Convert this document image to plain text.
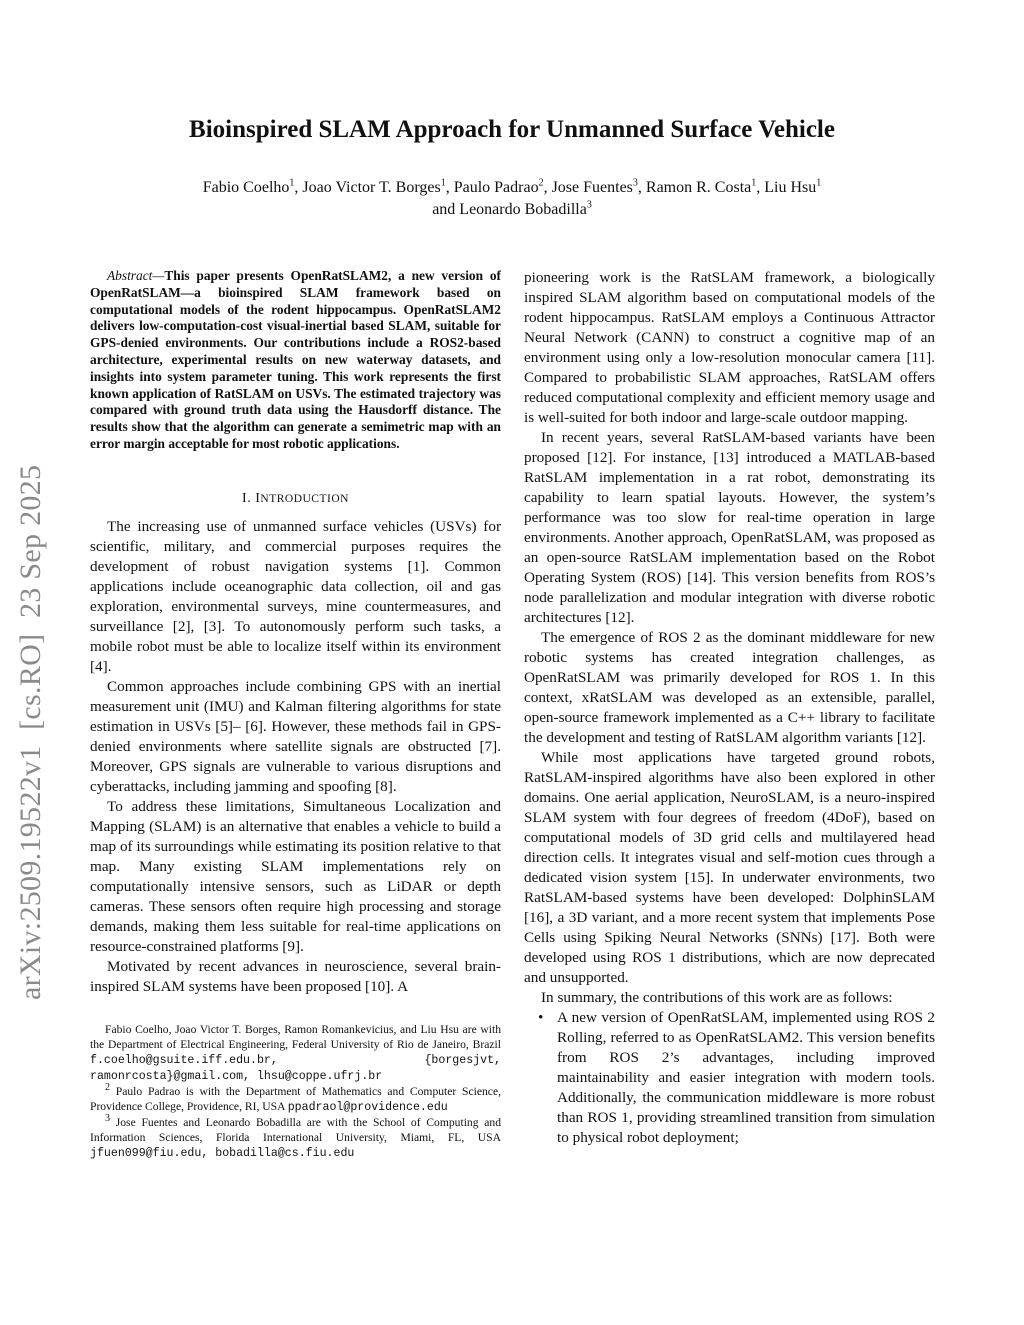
Bioinspired SLAM Approach for Unmanned Surface Vehicle
Fabio Coelho$^1$, Joao Victor T. Borges$^1$, Paulo Padrao$^2$, Jose Fuentes$^3$, Ramon R. Costa$^1$, Liu Hsu$^1$
and Leonardo Bobadilla$^3$
arXiv:2509.19522v1  [cs.RO]  23 Sep 2025

Abstract—This paper presents OpenRatSLAM2, a new version of OpenRatSLAM—a bioinspired SLAM framework based on computational models of the rodent hippocampus. OpenRatSLAM2 delivers low-computation-cost visual-inertial based SLAM, suitable for GPS-denied environments. Our contributions include a ROS2-based architecture, experimental results on new waterway datasets, and insights into system parameter tuning. This work represents the first known application of RatSLAM on USVs. The estimated trajectory was compared with ground truth data using the Hausdorff distance. The results show that the algorithm can generate a semimetric map with an error margin acceptable for most robotic applications.

I. INTRODUCTION

The increasing use of unmanned surface vehicles (USVs) for scientific, military, and commercial purposes requires the development of robust navigation systems [1]. Common applications include oceanographic data collection, oil and gas exploration, environmental surveys, mine countermeasures, and surveillance [2], [3]. To autonomously perform such tasks, a mobile robot must be able to localize itself within its environment [4].

Common approaches include combining GPS with an inertial measurement unit (IMU) and Kalman filtering algorithms for state estimation in USVs [5]– [6]. However, these methods fail in GPS-denied environments where satellite signals are obstructed [7]. Moreover, GPS signals are vulnerable to various disruptions and cyberattacks, including jamming and spoofing [8].

To address these limitations, Simultaneous Localization and Mapping (SLAM) is an alternative that enables a vehicle to build a map of its surroundings while estimating its position relative to that map. Many existing SLAM implementations rely on computationally intensive sensors, such as LiDAR or depth cameras. These sensors often require high processing and storage demands, making them less suitable for real-time applications on resource-constrained platforms [9].

Motivated by recent advances in neuroscience, several brain-inspired SLAM systems have been proposed [10]. A

Fabio Coelho, Joao Victor T. Borges, Ramon Romankevicius, and Liu Hsu are with the Department of Electrical Engineering, Federal University of Rio de Janeiro, Brazil f.coelho@gsuite.iff.edu.br, {borgesjvt, ramonrcosta}@gmail.com, lhsu@coppe.ufrj.br

$^2$ Paulo Padrao is with the Department of Mathematics and Computer Science, Providence College, Providence, RI, USA ppadraol@providence.edu

$^3$ Jose Fuentes and Leonardo Bobadilla are with the School of Computing and Information Sciences, Florida International University, Miami, FL, USA jfuen099@fiu.edu, bobadilla@cs.fiu.edu

pioneering work is the RatSLAM framework, a biologically inspired SLAM algorithm based on computational models of the rodent hippocampus. RatSLAM employs a Continuous Attractor Neural Network (CANN) to construct a cognitive map of an environment using only a low-resolution monocular camera [11]. Compared to probabilistic SLAM approaches, RatSLAM offers reduced computational complexity and efficient memory usage and is well-suited for both indoor and large-scale outdoor mapping.

In recent years, several RatSLAM-based variants have been proposed [12]. For instance, [13] introduced a MATLAB-based RatSLAM implementation in a rat robot, demonstrating its capability to learn spatial layouts. However, the system’s performance was too slow for real-time operation in large environments. Another approach, OpenRatSLAM, was proposed as an open-source RatSLAM implementation based on the Robot Operating System (ROS) [14]. This version benefits from ROS’s node parallelization and modular integration with diverse robotic architectures [12].

The emergence of ROS 2 as the dominant middleware for new robotic systems has created integration challenges, as OpenRatSLAM was primarily developed for ROS 1. In this context, xRatSLAM was developed as an extensible, parallel, open-source framework implemented as a C++ library to facilitate the development and testing of RatSLAM algorithm variants [12].

While most applications have targeted ground robots, RatSLAM-inspired algorithms have also been explored in other domains. One aerial application, NeuroSLAM, is a neuro-inspired SLAM system with four degrees of freedom (4DoF), based on computational models of 3D grid cells and multilayered head direction cells. It integrates visual and self-motion cues through a dedicated vision system [15]. In underwater environments, two RatSLAM-based systems have been developed: DolphinSLAM [16], a 3D variant, and a more recent system that implements Pose Cells using Spiking Neural Networks (SNNs) [17]. Both were developed using ROS 1 distributions, which are now deprecated and unsupported.

In summary, the contributions of this work are as follows:

• A new version of OpenRatSLAM, implemented using ROS 2 Rolling, referred to as OpenRatSLAM2. This version benefits from ROS 2’s advantages, including improved maintainability and easier integration with modern tools. Additionally, the communication middleware is more robust than ROS 1, providing streamlined transition from simulation to physical robot deployment;
